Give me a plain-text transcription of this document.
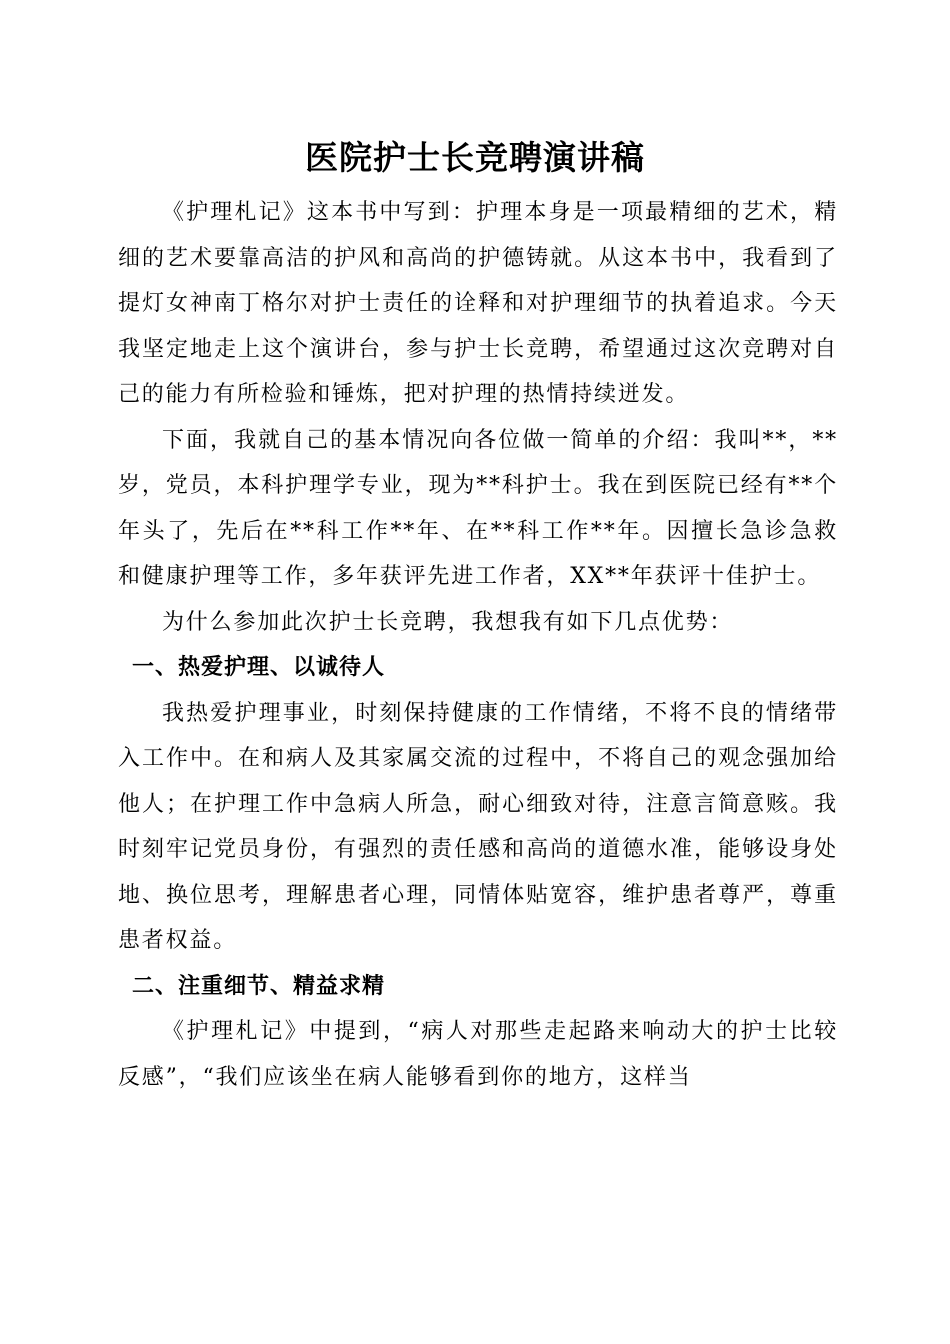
医院护士长竞聘演讲稿

《护理札记》这本书中写到：护理本身是一项最精细的艺术，精细的艺术要靠高洁的护风和高尚的护德铸就。从这本书中，我看到了提灯女神南丁格尔对护士责任的诠释和对护理细节的执着追求。今天我坚定地走上这个演讲台，参与护士长竞聘，希望通过这次竞聘对自己的能力有所检验和锤炼，把对护理的热情持续迸发。

下面，我就自己的基本情况向各位做一简单的介绍：我叫**，**岁，党员，本科护理学专业，现为**科护士。我在到医院已经有**个年头了，先后在**科工作**年、在**科工作**年。因擅长急诊急救和健康护理等工作，多年获评先进工作者，XX**年获评十佳护士。

为什么参加此次护士长竞聘，我想我有如下几点优势：

一、热爱护理、以诚待人

我热爱护理事业，时刻保持健康的工作情绪，不将不良的情绪带入工作中。在和病人及其家属交流的过程中，不将自己的观念强加给他人；在护理工作中急病人所急，耐心细致对待，注意言简意赅。我时刻牢记党员身份，有强烈的责任感和高尚的道德水准，能够设身处地、换位思考，理解患者心理，同情体贴宽容，维护患者尊严，尊重患者权益。

二、注重细节、精益求精

《护理札记》中提到，“病人对那些走起路来响动大的护士比较反感”，“我们应该坐在病人能够看到你的地方，这样当
